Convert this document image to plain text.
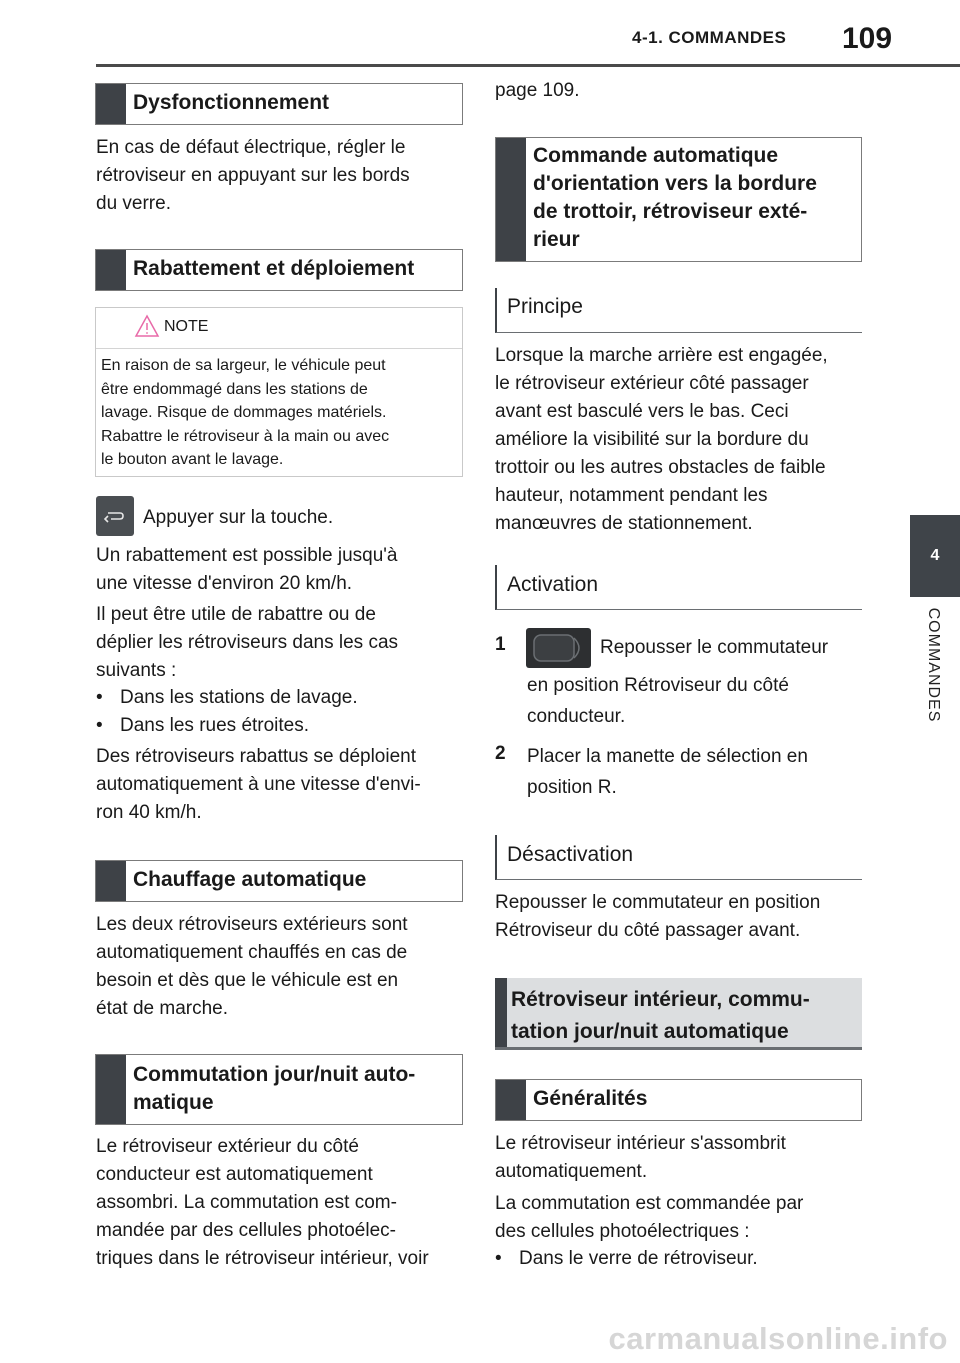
4-1. COMMANDES 109
4
COMMANDES
Dysfonctionnement

En cas de défaut électrique, régler le

rétroviseur en appuyant sur les bords

du verre.

Rabattement et déploiement
NOTE
En raison de sa largeur, le véhicule peut
être endommagé dans les stations de
lavage. Risque de dommages matériels.
Rabattre le rétroviseur à la main ou avec
le bouton avant le lavage.
Appuyer sur la touche.

Un rabattement est possible jusqu'à

une vitesse d'environ 20 km/h.

Il peut être utile de rabattre ou de

déplier les rétroviseurs dans les cas

suivants :

• Dans les stations de lavage.
• Dans les rues étroites.

Des rétroviseurs rabattus se déploient

automatiquement à une vitesse d'envi-

ron 40 km/h.

Chauffage automatique

Les deux rétroviseurs extérieurs sont

automatiquement chauffés en cas de

besoin et dès que le véhicule est en

état de marche.

Commutation jour/nuit auto-
matique

Le rétroviseur extérieur du côté

conducteur est automatiquement

assombri. La commutation est com-

mandée par des cellules photoélec-

triques dans le rétroviseur intérieur, voir

page 109.
Commande automatique
d'orientation vers la bordure
de trottoir, rétroviseur exté-
rieur
Principe

Lorsque la marche arrière est engagée,

le rétroviseur extérieur côté passager

avant est basculé vers le bas. Ceci

améliore la visibilité sur la bordure du

trottoir ou les autres obstacles de faible

hauteur, notamment pendant les

manœuvres de stationnement.

Activation
1	Repousser le commutateur
en position Rétroviseur du côté
conducteur.
2 Placer la manette de sélection en
position R.
Désactivation

Repousser le commutateur en position

Rétroviseur du côté passager avant.

Rétroviseur intérieur, commu-
tation jour/nuit automatique
Généralités

Le rétroviseur intérieur s'assombrit

automatiquement.

La commutation est commandée par

des cellules photoélectriques :

• Dans le verre de rétroviseur.
carmanualsonline.info
